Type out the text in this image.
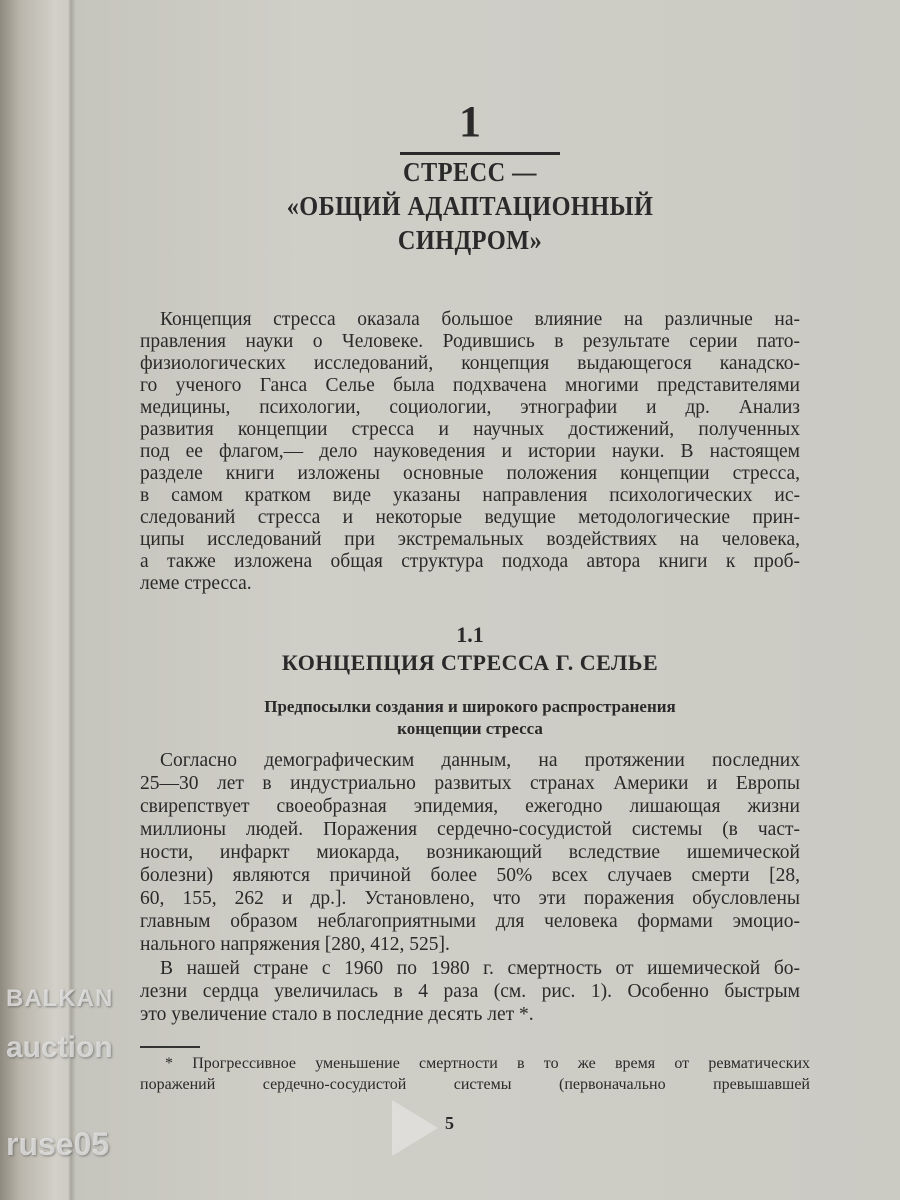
1
СТРЕСС —
«ОБЩИЙ АДАПТАЦИОННЫЙ
СИНДРОМ»
Концепция стресса оказала большое влияние на различные на-
правления науки о Человеке. Родившись в результате серии пато-
физиологических исследований, концепция выдающегося канадско-
го ученого Ганса Селье была подхвачена многими представителями
медицины, психологии, социологии, этнографии и др. Анализ
развития концепции стресса и научных достижений, полученных
под ее флагом,— дело науковедения и истории науки. В настоящем
разделе книги изложены основные положения концепции стресса,
в самом кратком виде указаны направления психологических ис-
следований стресса и некоторые ведущие методологические прин-
ципы исследований при экстремальных воздействиях на человека,
а также изложена общая структура подхода автора книги к проб-
леме стресса.
1.1
КОНЦЕПЦИЯ СТРЕССА Г. СЕЛЬЕ
Предпосылки создания и широкого распространения
концепции стресса
Согласно демографическим данным, на протяжении последних
25—30 лет в индустриально развитых странах Америки и Европы
свирепствует своеобразная эпидемия, ежегодно лишающая жизни
миллионы людей. Поражения сердечно-сосудистой системы (в част-
ности, инфаркт миокарда, возникающий вследствие ишемической
болезни) являются причиной более 50% всех случаев смерти [28,
60, 155, 262 и др.]. Установлено, что эти поражения обусловлены
главным образом неблагоприятными для человека формами эмоцио-
нального напряжения [280, 412, 525].
В нашей стране с 1960 по 1980 г. смертность от ишемической бо-
лезни сердца увеличилась в 4 раза (см. рис. 1). Особенно быстрым
это увеличение стало в последние десять лет *.
* Прогрессивное уменьшение смертности в то же время от ревматических
поражений сердечно-сосудистой системы (первоначально превышавшей
5
BALKAN
auction
ruse05
